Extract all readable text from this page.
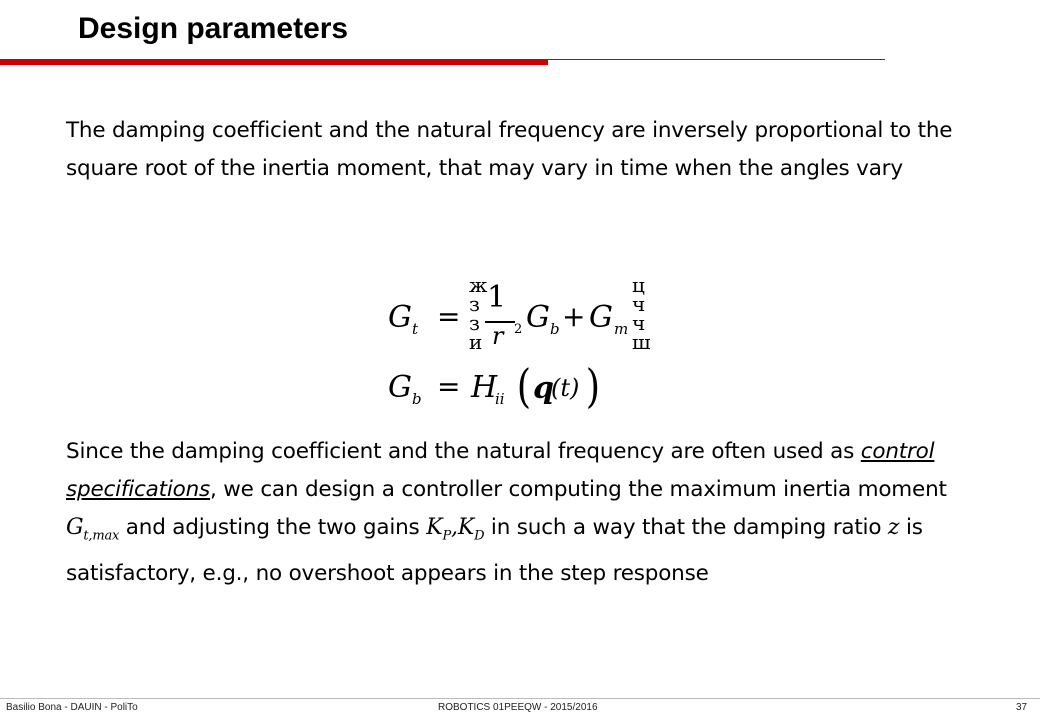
Design parameters
The damping coefficient and the natural frequency are inversely proportional to the square root of the inertia moment, that may vary in time when the angles vary
G t =
ж
з
з
и
1
r 2 G b + G m
ц
ч
ч
ш
G b = H
ii ( q
(t) )
Since the damping coefficient and the natural frequency are often used as control specifications, we can design a controller computing the maximum inertia moment $G_{t,max}$ and adjusting the two gains $K_P,K_D$ in such a way that the damping ratio z is satisfactory, e.g., no overshoot appears in the step response
Basilio Bona - DAUIN - PoliTo	ROBOTICS 01PEEQW - 2015/2016	37
